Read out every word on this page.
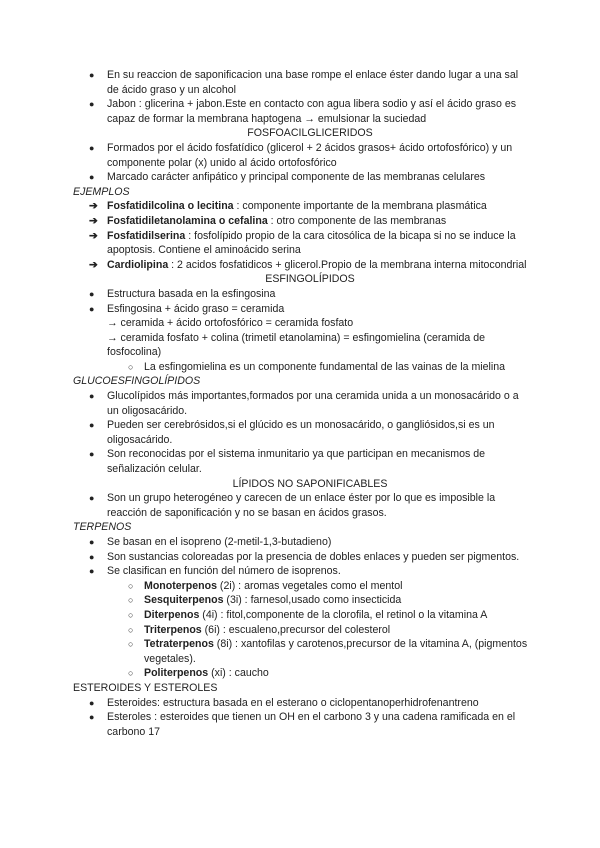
● En su reaccion de saponificacion una base rompe el enlace éster dando lugar a una sal de ácido graso y un alcohol
● Jabon : glicerina + jabon.Este en contacto con agua libera sodio y así el ácido graso es capaz de formar la membrana haptogena → emulsionar la suciedad
FOSFOACILGLICERIDOS
● Formados por el ácido fosfatídico (glicerol + 2 ácidos grasos+ ácido ortofosfórico) y un componente polar (x) unido al ácido ortofosfórico
● Marcado carácter anfipático y principal componente de las membranas celulares
EJEMPLOS
➔ Fosfatidilcolina o lecitina : componente importante de la membrana plasmática
➔ Fosfatidiletanolamina o cefalina : otro componente de las membranas
➔ Fosfatidilserina : fosfolípido propio de la cara citosólica de la bicapa si no se induce la apoptosis. Contiene el aminoácido serina
➔ Cardiolipina : 2 acidos fosfatidicos + glicerol.Propio de la membrana interna mitocondrial
ESFINGOLÍPIDOS
● Estructura basada en la esfingosina
● Esfingosina + ácido graso = ceramida
→ ceramida + ácido ortofosfórico = ceramida fosfato
→ ceramida fosfato + colina (trimetil etanolamina) = esfingomielina (ceramida de fosfocolina)
○ La esfingomielina es un componente fundamental de las vainas de la mielina
GLUCOESFINGOLÍPIDOS
● Glucolípidos más importantes,formados por una ceramida unida a un monosacárido o a un oligosacárido.
● Pueden ser cerebrósidos,si el glúcido es un monosacárido, o gangliósidos,si es un oligosacárido.
● Son reconocidas por el sistema inmunitario ya que participan en mecanismos de señalización celular.
LÍPIDOS NO SAPONIFICABLES
● Son un grupo heterogéneo y carecen de un enlace éster por lo que es imposible la reacción de saponificación y no se basan en ácidos grasos.
TERPENOS
● Se basan en el isopreno (2-metil-1,3-butadieno)
● Son sustancias coloreadas por la presencia de dobles enlaces y pueden ser pigmentos.
● Se clasifican en función del número de isoprenos.
○ Monoterpenos (2i) : aromas vegetales como el mentol
○ Sesquiterpenos (3i) : farnesol,usado como insecticida
○ Diterpenos (4i) : fitol,componente de la clorofila, el retinol o la vitamina A
○ Triterpenos (6i) : escualeno,precursor del colesterol
○ Tetraterpenos (8i) : xantofilas y carotenos,precursor de la vitamina A, (pigmentos vegetales).
○ Politerpenos (xi) : caucho
ESTEROIDES Y ESTEROLES
● Esteroides: estructura basada en el esterano o ciclopentanoperhidrofenantreno
● Esteroles : esteroides que tienen un OH en el carbono 3 y una cadena ramificada en el carbono 17
